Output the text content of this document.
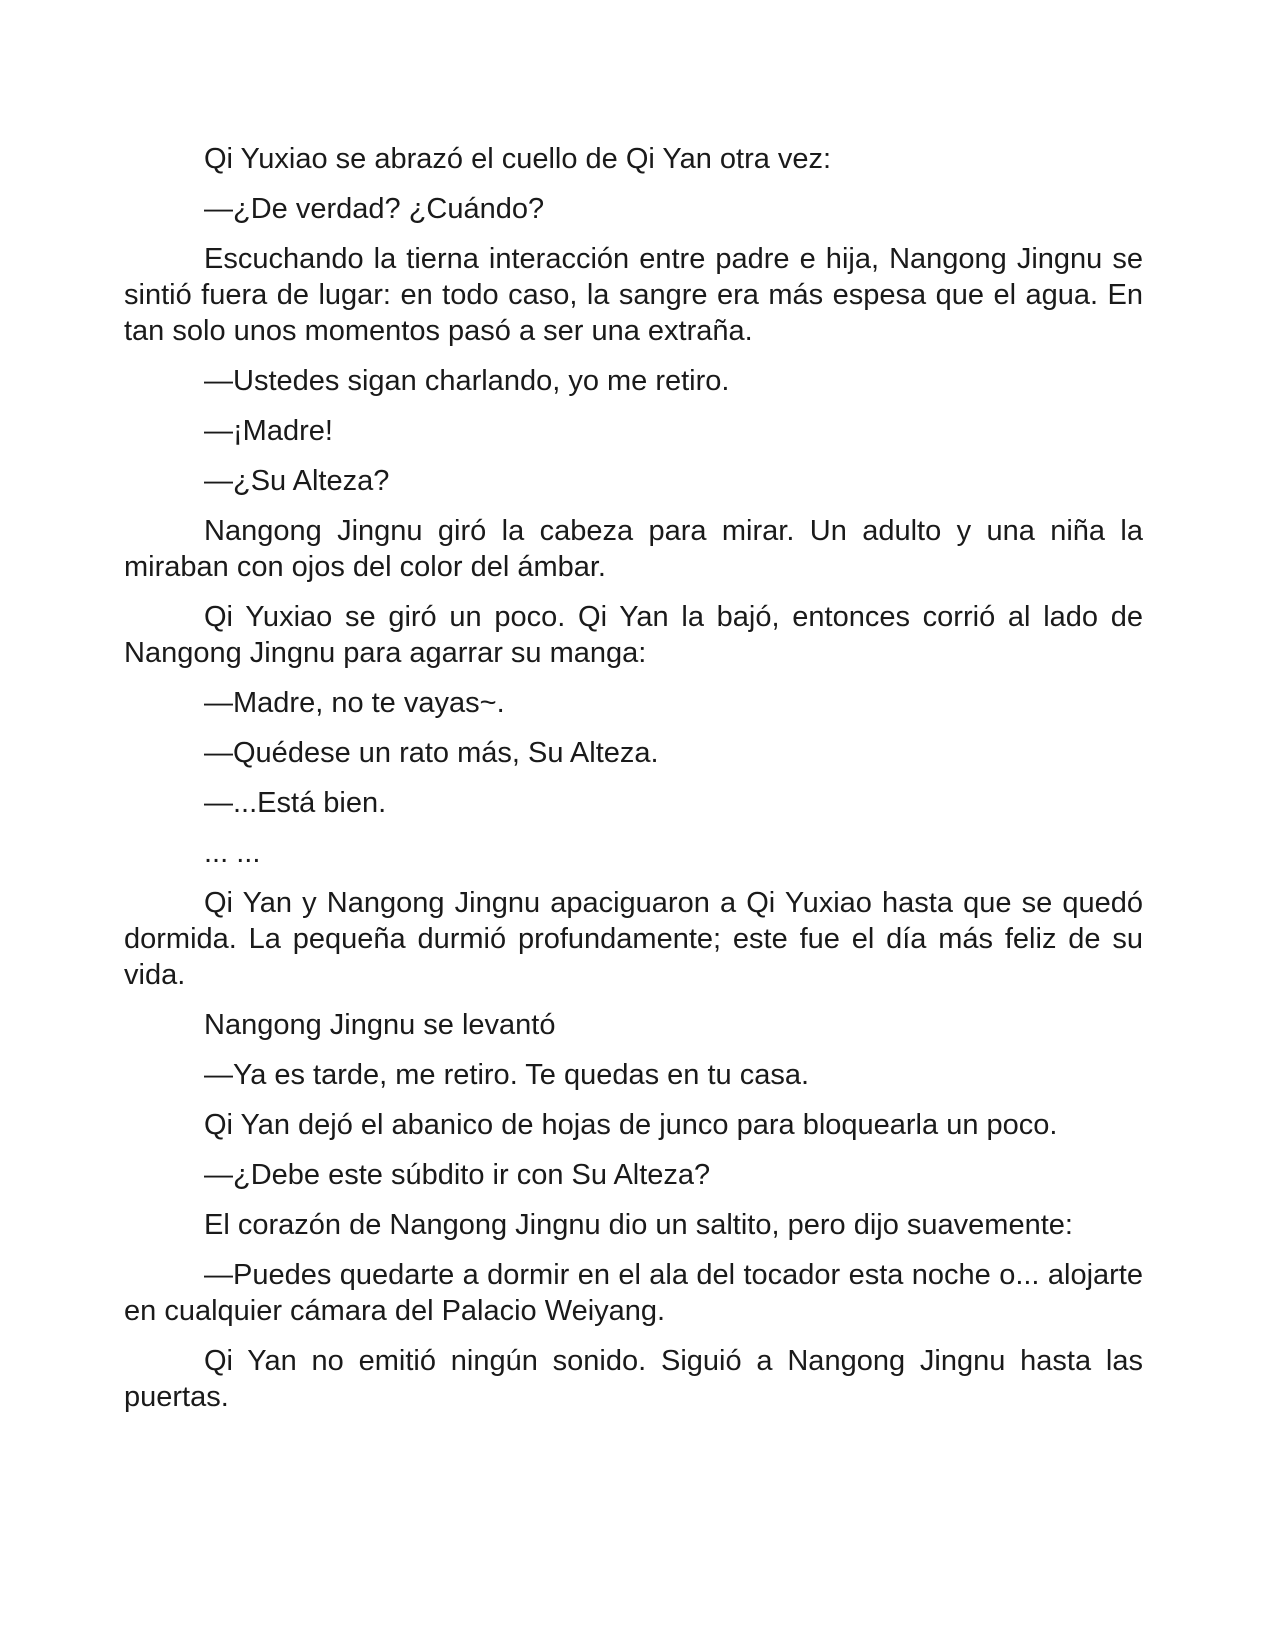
Qi Yuxiao se abrazó el cuello de Qi Yan otra vez:

—¿De verdad? ¿Cuándo?

Escuchando la tierna interacción entre padre e hija, Nangong Jingnu se sintió fuera de lugar: en todo caso, la sangre era más espesa que el agua. En tan solo unos momentos pasó a ser una extraña.

—Ustedes sigan charlando, yo me retiro.

—¡Madre!

—¿Su Alteza?

Nangong Jingnu giró la cabeza para mirar. Un adulto y una niña la miraban con ojos del color del ámbar.

Qi Yuxiao se giró un poco. Qi Yan la bajó, entonces corrió al lado de Nangong Jingnu para agarrar su manga:

—Madre, no te vayas~.

—Quédese un rato más, Su Alteza.

—...Está bien.

... ...

Qi Yan y Nangong Jingnu apaciguaron a Qi Yuxiao hasta que se quedó dormida. La pequeña durmió profundamente; este fue el día más feliz de su vida.

Nangong Jingnu se levantó

—Ya es tarde, me retiro. Te quedas en tu casa.

Qi Yan dejó el abanico de hojas de junco para bloquearla un poco.

—¿Debe este súbdito ir con Su Alteza?

El corazón de Nangong Jingnu dio un saltito, pero dijo suavemente:

—Puedes quedarte a dormir en el ala del tocador esta noche o... alojarte en cualquier cámara del Palacio Weiyang.

Qi Yan no emitió ningún sonido. Siguió a Nangong Jingnu hasta las puertas.
